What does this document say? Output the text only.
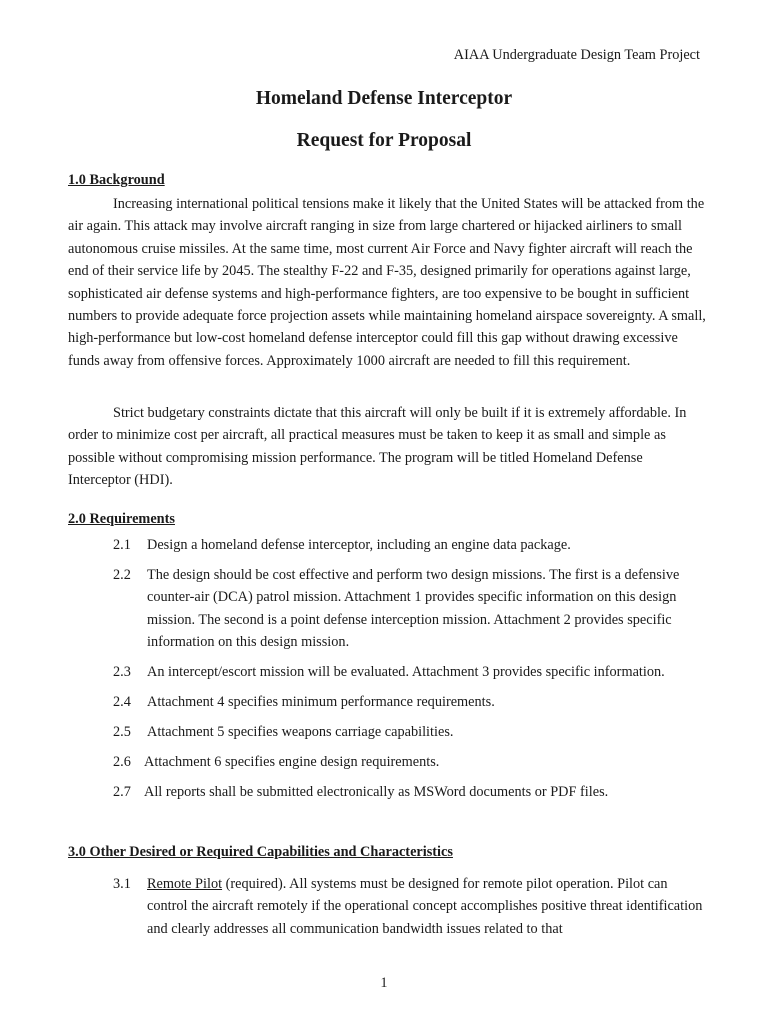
AIAA Undergraduate Design Team Project
Homeland Defense Interceptor
Request for Proposal
1.0 Background

Increasing international political tensions make it likely that the United States will be attacked from the air again. This attack may involve aircraft ranging in size from large chartered or hijacked airliners to small autonomous cruise missiles. At the same time, most current Air Force and Navy fighter aircraft will reach the end of their service life by 2045. The stealthy F-22 and F-35, designed primarily for operations against large, sophisticated air defense systems and high-performance fighters, are too expensive to be bought in sufficient numbers to provide adequate force projection assets while maintaining homeland airspace sovereignty. A small, high-performance but low-cost homeland defense interceptor could fill this gap without drawing excessive funds away from offensive forces. Approximately 1000 aircraft are needed to fill this requirement.

Strict budgetary constraints dictate that this aircraft will only be built if it is extremely affordable. In order to minimize cost per aircraft, all practical measures must be taken to keep it as small and simple as possible without compromising mission performance. The program will be titled Homeland Defense Interceptor (HDI).

2.0 Requirements
2.1	Design a homeland defense interceptor, including an engine data package.
2.2	The design should be cost effective and perform two design missions. The first is a defensive counter-air (DCA) patrol mission. Attachment 1 provides specific information on this design mission. The second is a point defense interception mission. Attachment 2 provides specific information on this design mission.
2.3	An intercept/escort mission will be evaluated. Attachment 3 provides specific information.
2.4	Attachment 4 specifies minimum performance requirements.
2.5	Attachment 5 specifies weapons carriage capabilities.
2.6 Attachment 6 specifies engine design requirements.
2.7 All reports shall be submitted electronically as MSWord documents or PDF files.
3.0 Other Desired or Required Capabilities and Characteristics
3.1	Remote Pilot (required). All systems must be designed for remote pilot operation. Pilot can control the aircraft remotely if the operational concept accomplishes positive threat identification and clearly addresses all communication bandwidth issues related to that
1
